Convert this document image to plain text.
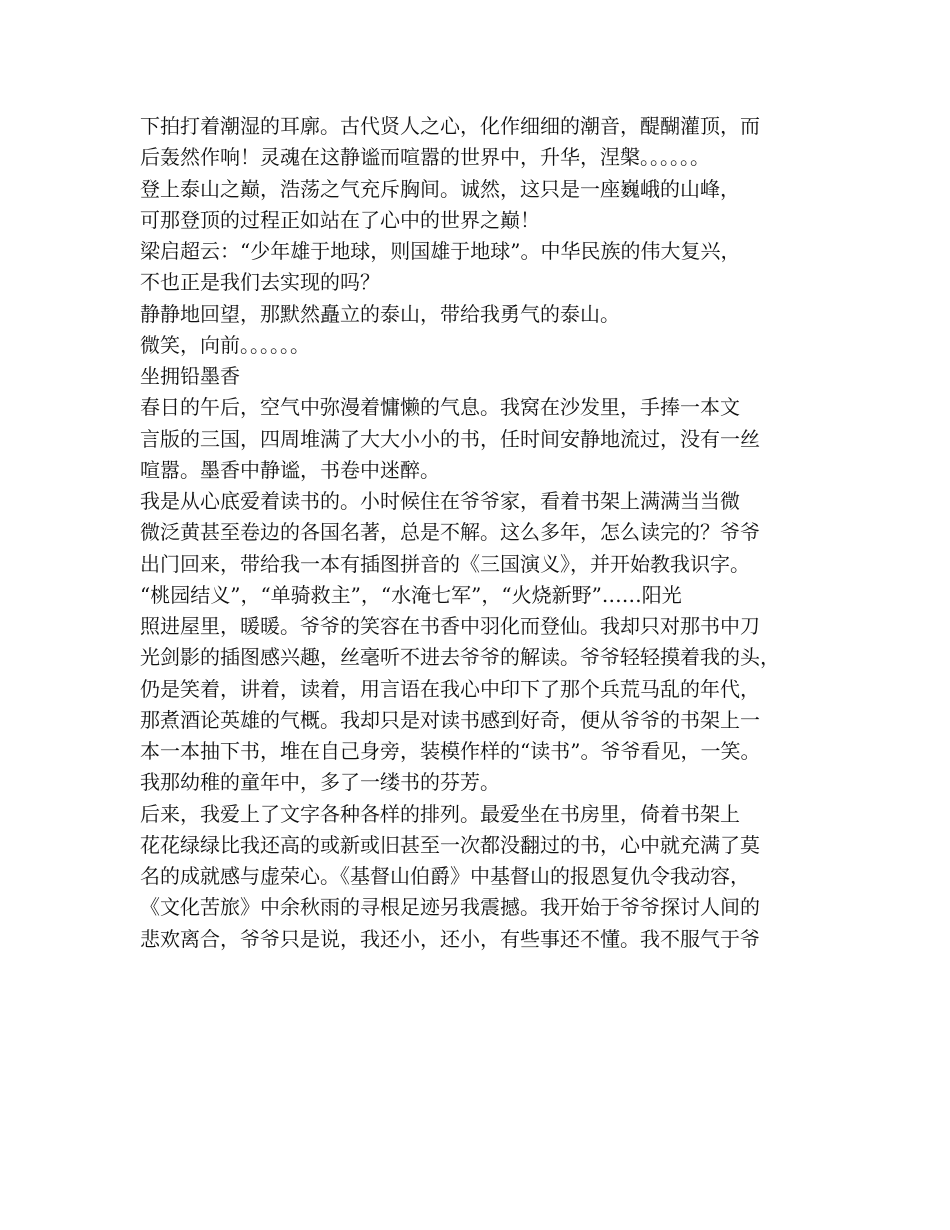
下拍打着潮湿的耳廓。古代贤人之心，化作细细的潮音，醍醐灌顶，而
后轰然作响！灵魂在这静谧而喧嚣的世界中，升华，涅槃。。。。。。
登上泰山之巅，浩荡之气充斥胸间。诚然，这只是一座巍峨的山峰，
可那登顶的过程正如站在了心中的世界之巅！
梁启超云：“少年雄于地球，则国雄于地球”。中华民族的伟大复兴，
不也正是我们去实现的吗？
静静地回望，那默然矗立的泰山，带给我勇气的泰山。
微笑，向前。。。。。。
坐拥铅墨香
春日的午后，空气中弥漫着慵懒的气息。我窝在沙发里，手捧一本文
言版的三国，四周堆满了大大小小的书，任时间安静地流过，没有一丝
喧嚣。墨香中静谧，书卷中迷醉。
我是从心底爱着读书的。小时候住在爷爷家，看着书架上满满当当微
微泛黄甚至卷边的各国名著，总是不解。这么多年，怎么读完的？爷爷
出门回来，带给我一本有插图拼音的《三国演义》，并开始教我识字。
“桃园结义”，“单骑救主”，“水淹七军”，“火烧新野”……阳光
照进屋里，暖暖。爷爷的笑容在书香中羽化而登仙。我却只对那书中刀
光剑影的插图感兴趣，丝毫听不进去爷爷的解读。爷爷轻轻摸着我的头，
仍是笑着，讲着，读着，用言语在我心中印下了那个兵荒马乱的年代，
那煮酒论英雄的气概。我却只是对读书感到好奇，便从爷爷的书架上一
本一本抽下书，堆在自己身旁，装模作样的“读书”。爷爷看见，一笑。
我那幼稚的童年中，多了一缕书的芬芳。
后来，我爱上了文字各种各样的排列。最爱坐在书房里，倚着书架上
花花绿绿比我还高的或新或旧甚至一次都没翻过的书，心中就充满了莫
名的成就感与虚荣心。《基督山伯爵》中基督山的报恩复仇令我动容，
《文化苦旅》中余秋雨的寻根足迹另我震撼。我开始于爷爷探讨人间的
悲欢离合，爷爷只是说，我还小，还小，有些事还不懂。我不服气于爷
